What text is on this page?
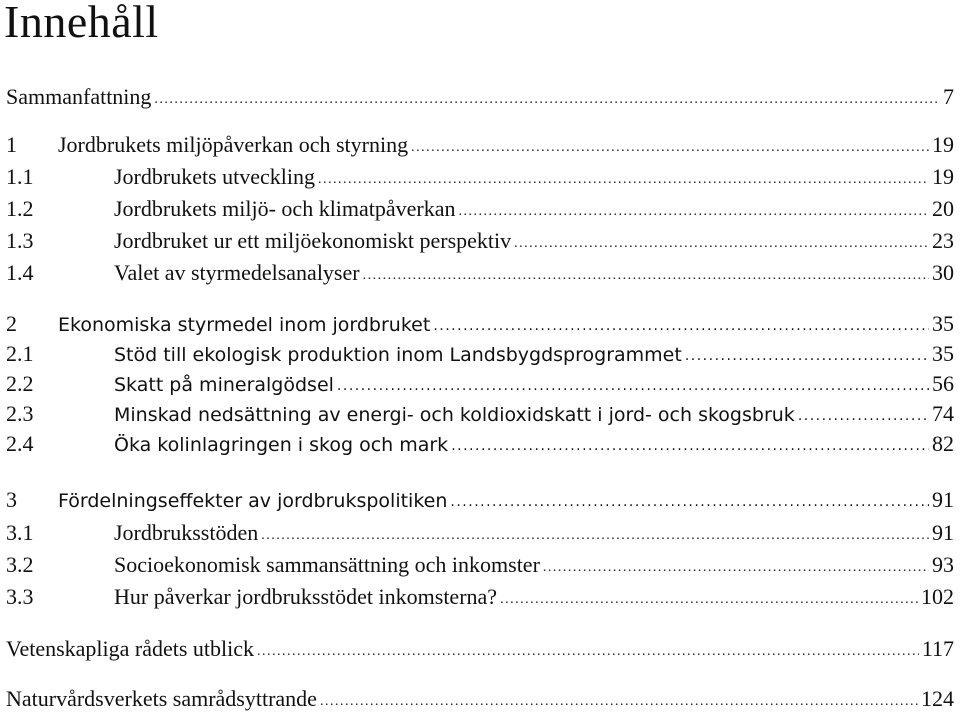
Innehåll
Sammanfattning .....	7
1	Jordbrukets miljöpåverkan och styrning .....	19
1.1	Jordbrukets utveckling .....	19
1.2	Jordbrukets miljö- och klimatpåverkan .....	20
1.3	Jordbruket ur ett miljöekonomiskt perspektiv .....	23
1.4	Valet av styrmedelsanalyser .....	30
2	Ekonomiska styrmedel inom jordbruket .....	35
2.1	Stöd till ekologisk produktion inom Landsbygdsprogrammet .....	35
2.2	Skatt på mineralgödsel .....	56
2.3	Minskad nedsättning av energi- och koldioxidskatt i jord- och skogsbruk .....	74
2.4	Öka kolinlagringen i skog och mark .....	82
3	Fördelningseffekter av jordbrukspolitiken .....	91
3.1	Jordbruksstöden .....	91
3.2	Socioekonomisk sammansättning och inkomster .....	93
3.3	Hur påverkar jordbruksstödet inkomsterna? .....	102
Vetenskapliga rådets utblick .....	117
Naturvårdsverkets samrådsyttrande .....	124
